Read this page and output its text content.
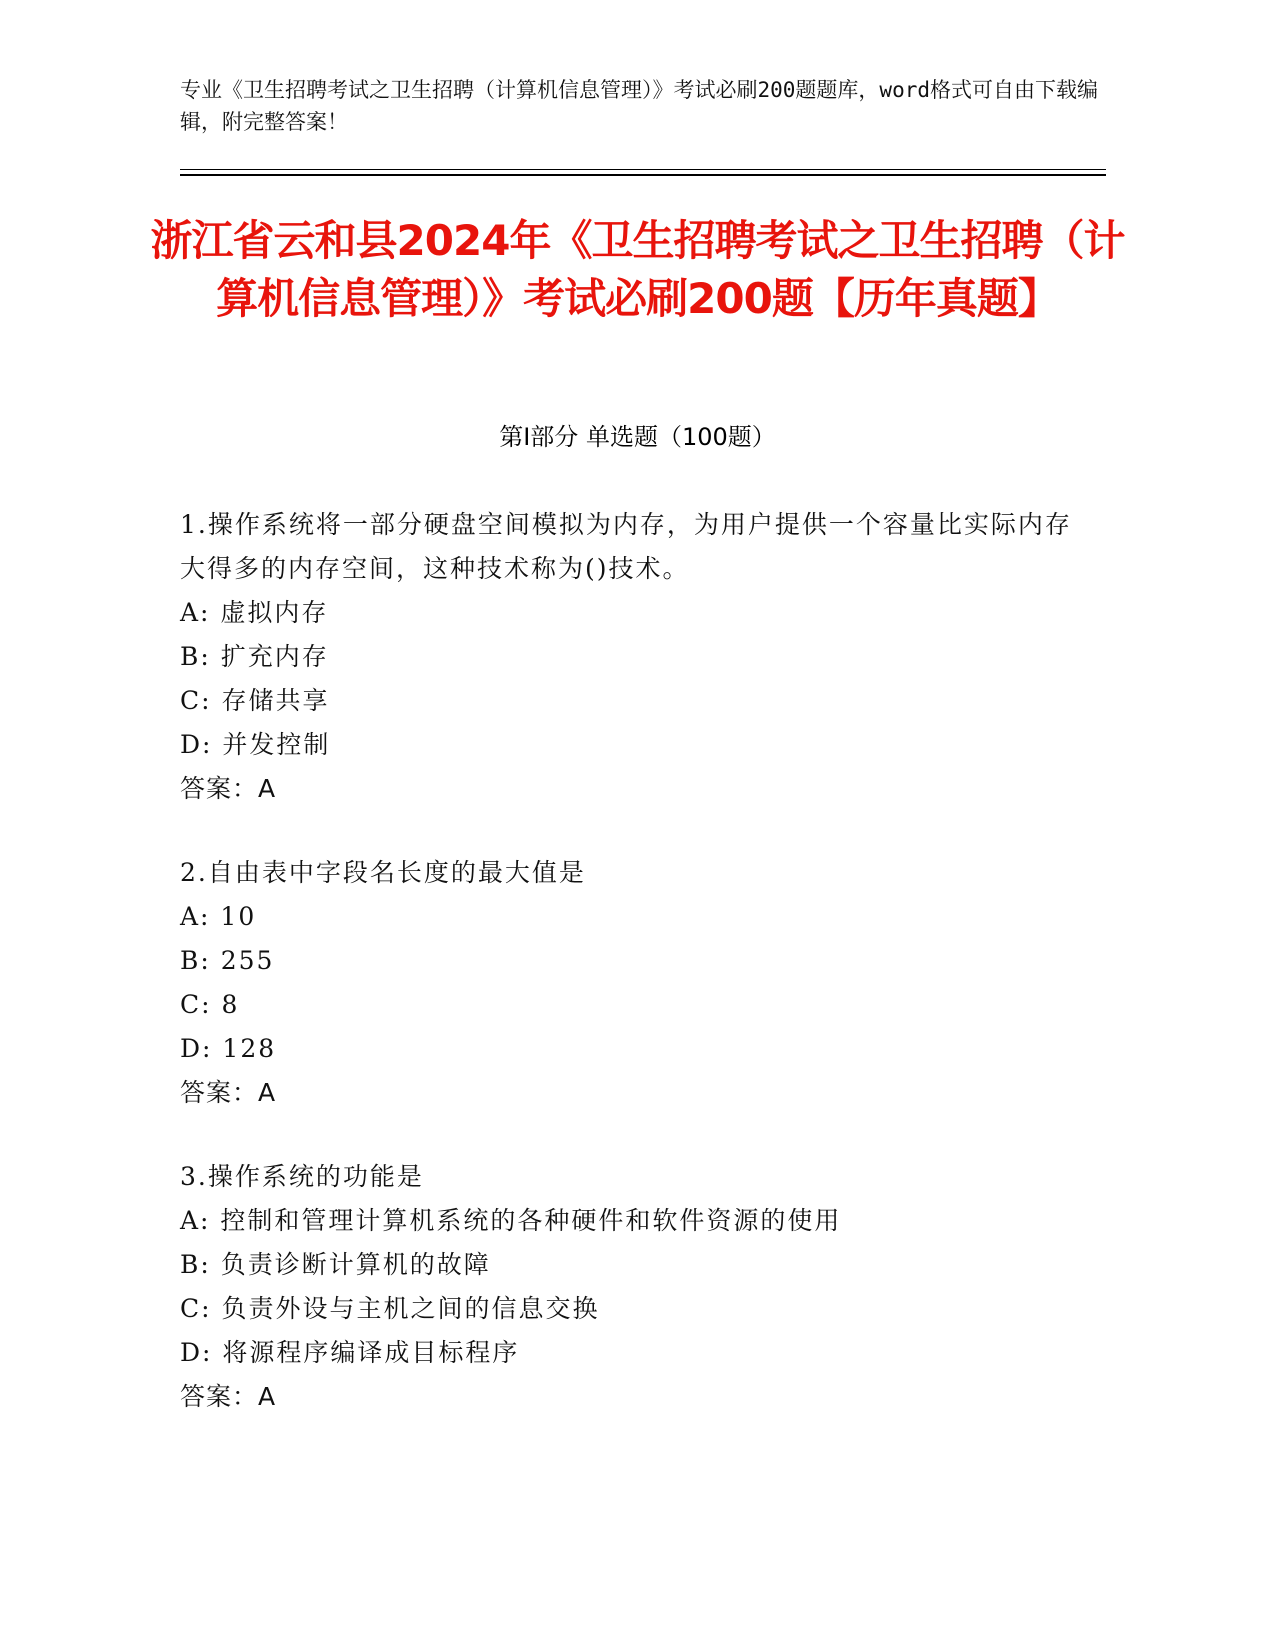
专业《卫生招聘考试之卫生招聘（计算机信息管理）》考试必刷200题题库，word格式可自由下载编辑，附完整答案！
浙江省云和县2024年《卫生招聘考试之卫生招聘（计算机信息管理）》考试必刷200题【历年真题】
第Ⅰ部分 单选题（100题）
1.操作系统将一部分硬盘空间模拟为内存，为用户提供一个容量比实际内存大得多的内存空间，这种技术称为()技术。
A: 虚拟内存
B: 扩充内存
C: 存储共享
D: 并发控制
答案：A
2.自由表中字段名长度的最大值是
A: 10
B: 255
C: 8
D: 128
答案：A
3.操作系统的功能是
A: 控制和管理计算机系统的各种硬件和软件资源的使用
B: 负责诊断计算机的故障
C: 负责外设与主机之间的信息交换
D: 将源程序编译成目标程序
答案：A
